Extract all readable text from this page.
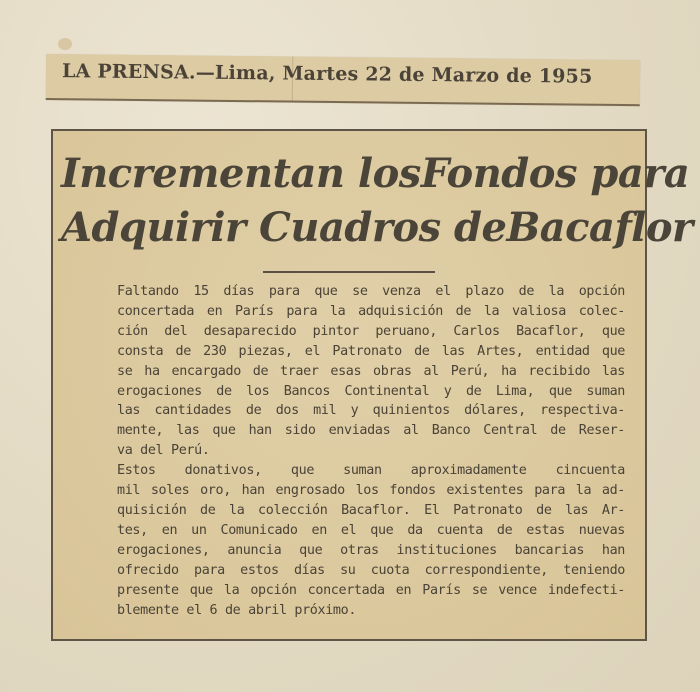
LA PRENSA.—Lima, Martes 22 de Marzo de 1955
Incrementan losFondos para
Adquirir Cuadros deBacaflor

Faltando 15 días para que se venza el plazo de la opción
concertada en París para la adquisición de la valiosa colec-
ción del desaparecido pintor peruano, Carlos Bacaflor, que
consta de 230 piezas, el Patronato de las Artes, entidad que
se ha encargado de traer esas obras al Perú, ha recibido las
erogaciones de los Bancos Continental y de Lima, que suman
las cantidades de dos mil y quinientos dólares, respectiva-
mente, las que han sido enviadas al Banco Central de Reser-
va del Perú.

Estos donativos, que suman aproximadamente cincuenta
mil soles oro, han engrosado los fondos existentes para la ad-
quisición de la colección Bacaflor. El Patronato de las Ar-
tes, en un Comunicado en el que da cuenta de estas nuevas
erogaciones, anuncia que otras instituciones bancarias han
ofrecido para estos días su cuota correspondiente, teniendo
presente que la opción concertada en París se vence indefecti-
blemente el 6 de abril próximo.
